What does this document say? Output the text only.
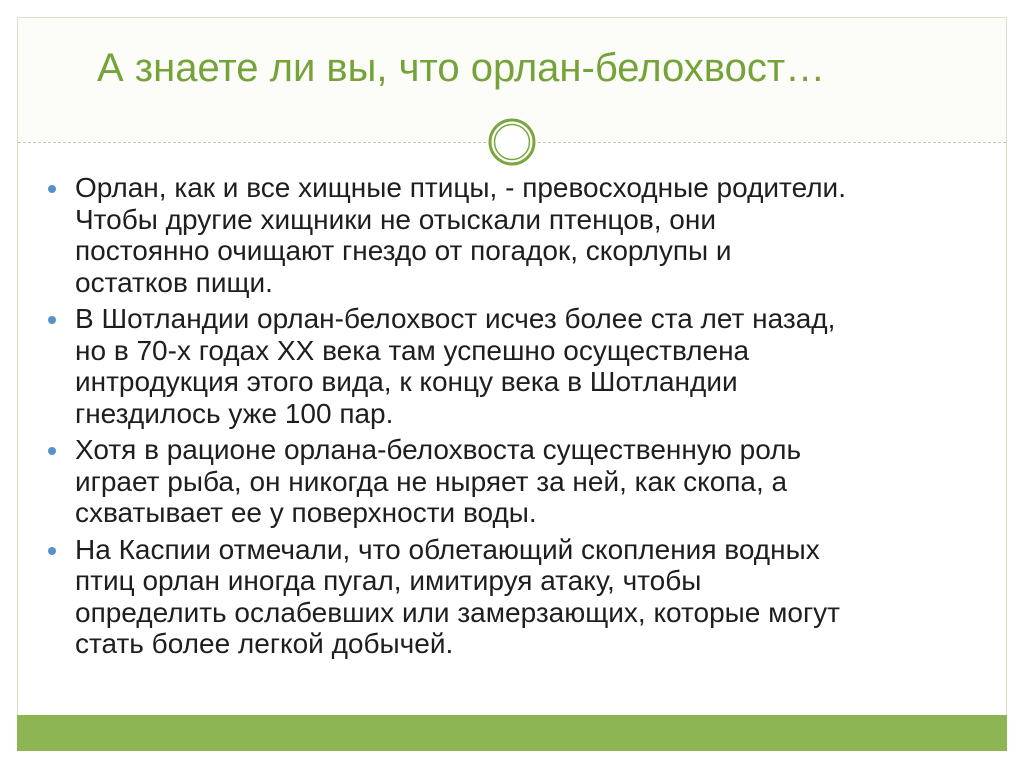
А знаете ли вы, что орлан-белохвост…
Орлан, как и все хищные птицы, - превосходные родители.
Чтобы другие хищники не отыскали птенцов, они
постоянно очищают гнездо от погадок, скорлупы и
остатков пищи.
В Шотландии орлан-белохвост исчез более ста лет назад,
но в 70-х годах XX века там успешно осуществлена
интродукция этого вида, к концу века в Шотландии
гнездилось уже 100 пар.
Хотя в рационе орлана-белохвоста существенную роль
играет рыба, он никогда не ныряет за ней, как скопа, а
схватывает ее у поверхности воды.
На Каспии отмечали, что облетающий скопления водных
птиц орлан иногда пугал, имитируя атаку, чтобы
определить ослабевших или замерзающих, которые могут
стать более легкой добычей.
